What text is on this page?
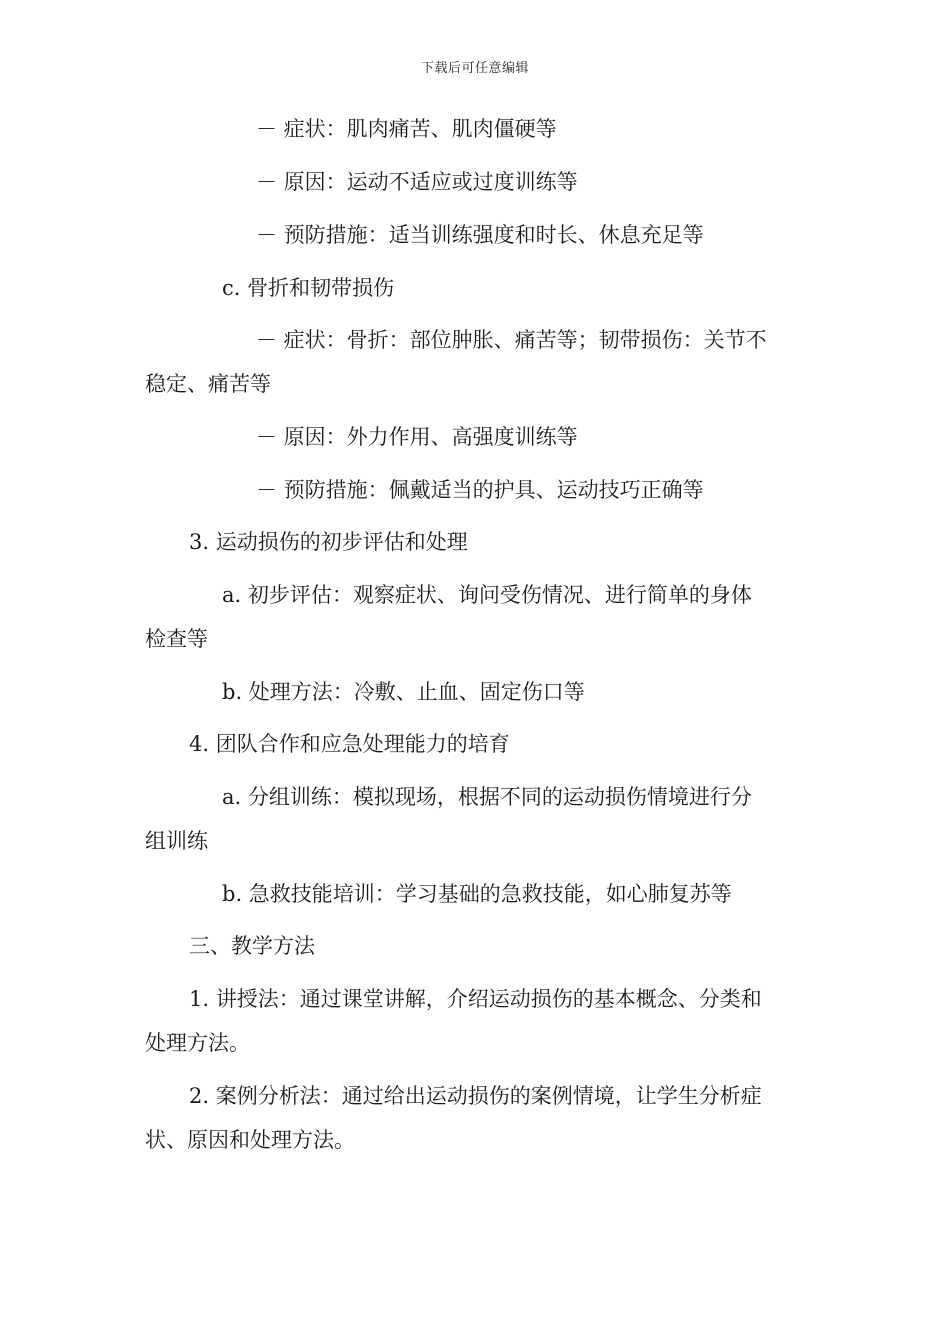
下载后可任意编辑
－ 症状：肌肉痛苦、肌肉僵硬等
－ 原因：运动不适应或过度训练等
－ 预防措施：适当训练强度和时长、休息充足等
c. 骨折和韧带损伤
－ 症状：骨折：部位肿胀、痛苦等；韧带损伤：关节不
稳定、痛苦等
－ 原因：外力作用、高强度训练等
－ 预防措施：佩戴适当的护具、运动技巧正确等
3. 运动损伤的初步评估和处理
a. 初步评估：观察症状、询问受伤情况、进行简单的身体
检查等
b. 处理方法：冷敷、止血、固定伤口等
4. 团队合作和应急处理能力的培育
a. 分组训练：模拟现场，根据不同的运动损伤情境进行分
组训练
b. 急救技能培训：学习基础的急救技能，如心肺复苏等
三、教学方法
1. 讲授法：通过课堂讲解，介绍运动损伤的基本概念、分类和
处理方法。
2. 案例分析法：通过给出运动损伤的案例情境，让学生分析症
状、原因和处理方法。
